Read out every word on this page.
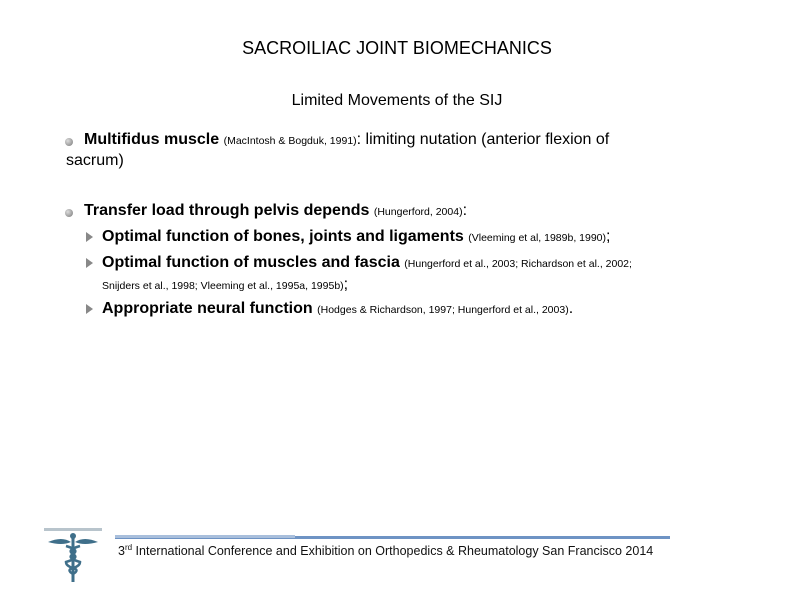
SACROILIAC JOINT BIOMECHANICS
Limited Movements of the SIJ
Multifidus muscle (MacIntosh & Bogduk, 1991): limiting nutation (anterior flexion of
sacrum)
Transfer load through pelvis depends (Hungerford, 2004):
Optimal function of bones, joints and ligaments (Vleeming et al, 1989b, 1990);
Optimal function of muscles and fascia (Hungerford et al., 2003; Richardson et al., 2002;
Snijders et al., 1998; Vleeming et al., 1995a, 1995b);
Appropriate neural function (Hodges & Richardson, 1997; Hungerford et al., 2003).
3rd International Conference and Exhibition on Orthopedics & Rheumatology San Francisco 2014
